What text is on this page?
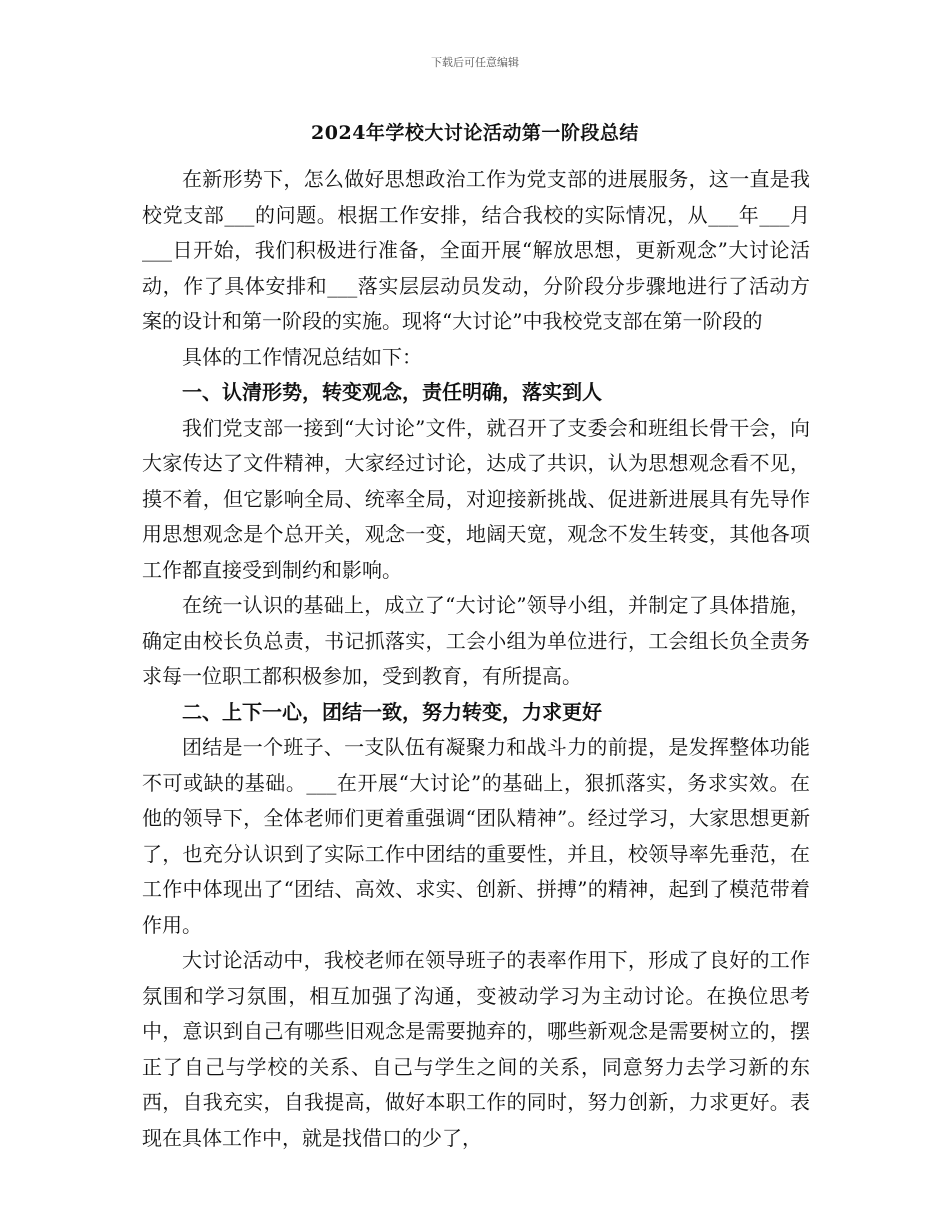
下载后可任意编辑
2024年学校大讨论活动第一阶段总结

在新形势下，怎么做好思想政治工作为党支部的进展服务，这一直是我校党支部___的问题。根据工作安排，结合我校的实际情况，从___年___月___日开始，我们积极进行准备，全面开展“解放思想，更新观念”大讨论活动，作了具体安排和___落实层层动员发动，分阶段分步骤地进行了活动方案的设计和第一阶段的实施。现将“大讨论”中我校党支部在第一阶段的

具体的工作情况总结如下：

一、认清形势，转变观念，责任明确，落实到人

我们党支部一接到“大讨论”文件，就召开了支委会和班组长骨干会，向大家传达了文件精神，大家经过讨论，达成了共识，认为思想观念看不见，摸不着，但它影响全局、统率全局，对迎接新挑战、促进新进展具有先导作用思想观念是个总开关，观念一变，地阔天宽，观念不发生转变，其他各项工作都直接受到制约和影响。

在统一认识的基础上，成立了“大讨论”领导小组，并制定了具体措施，确定由校长负总责，书记抓落实，工会小组为单位进行，工会组长负全责务求每一位职工都积极参加，受到教育，有所提高。

二、上下一心，团结一致，努力转变，力求更好

团结是一个班子、一支队伍有凝聚力和战斗力的前提，是发挥整体功能不可或缺的基础。___在开展“大讨论”的基础上，狠抓落实，务求实效。在他的领导下，全体老师们更着重强调“团队精神”。经过学习，大家思想更新了，也充分认识到了实际工作中团结的重要性，并且，校领导率先垂范，在工作中体现出了“团结、高效、求实、创新、拼搏”的精神，起到了模范带着作用。

大讨论活动中，我校老师在领导班子的表率作用下，形成了良好的工作氛围和学习氛围，相互加强了沟通，变被动学习为主动讨论。在换位思考中，意识到自己有哪些旧观念是需要抛弃的，哪些新观念是需要树立的，摆正了自己与学校的关系、自己与学生之间的关系，同意努力去学习新的东西，自我充实，自我提高，做好本职工作的同时，努力创新，力求更好。表现在具体工作中，就是找借口的少了，
